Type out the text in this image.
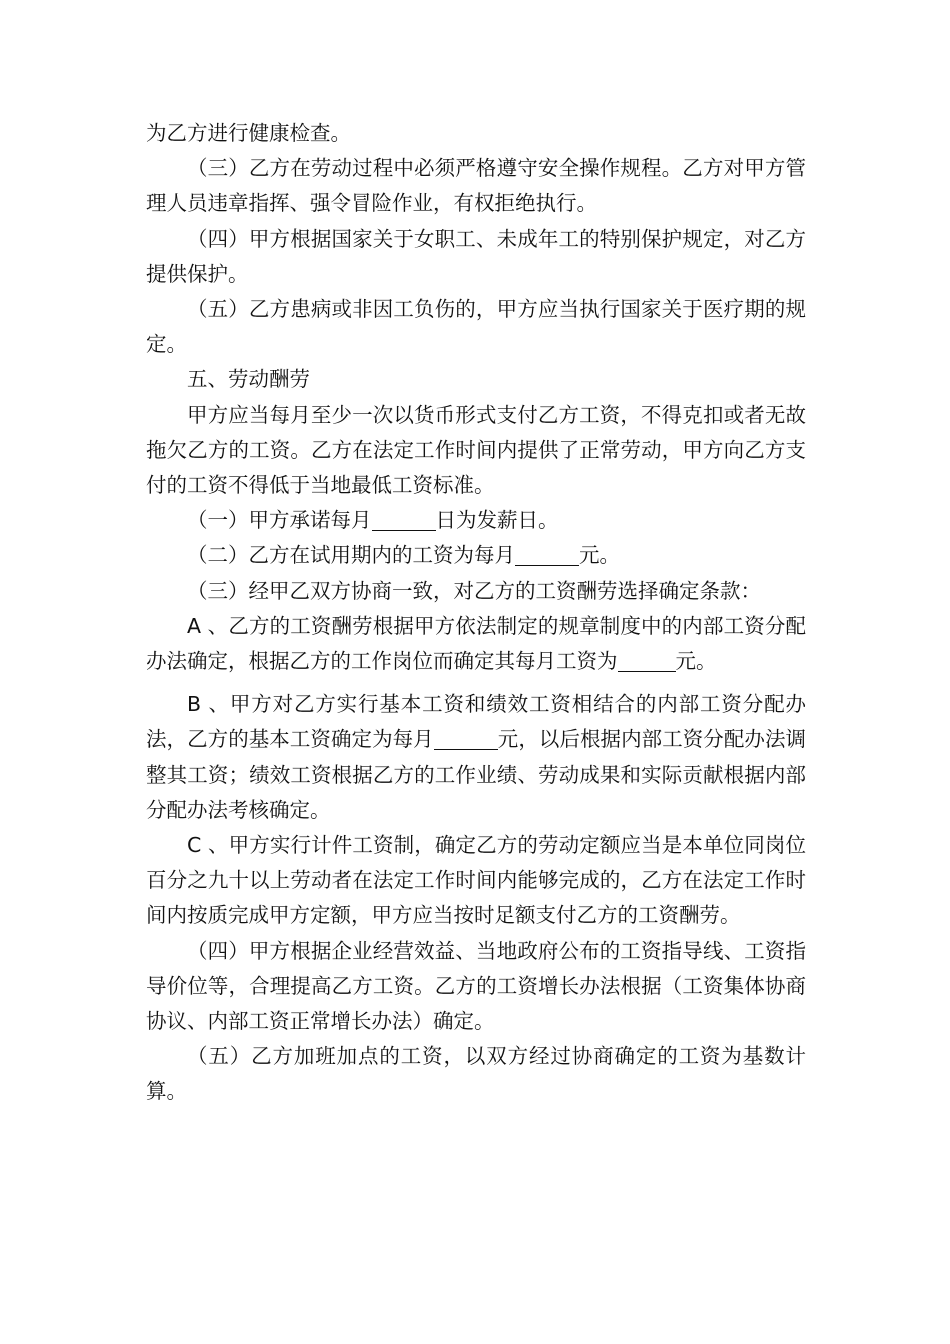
为乙方进行健康检查。

（三）乙方在劳动过程中必须严格遵守安全操作规程。乙方对甲方管理人员违章指挥、强令冒险作业，有权拒绝执行。

（四）甲方根据国家关于女职工、未成年工的特别保护规定，对乙方提供保护。

（五）乙方患病或非因工负伤的，甲方应当执行国家关于医疗期的规定。

五、劳动酬劳

甲方应当每月至少一次以货币形式支付乙方工资，不得克扣或者无故拖欠乙方的工资。乙方在法定工作时间内提供了正常劳动，甲方向乙方支付的工资不得低于当地最低工资标准。

（一）甲方承诺每月	日为发薪日。

（二）乙方在试用期内的工资为每月	元。

（三）经甲乙双方协商一致，对乙方的工资酬劳选择确定条款：

A 、乙方的工资酬劳根据甲方依法制定的规章制度中的内部工资分配办法确定，根据乙方的工作岗位而确定其每月工资为	元。

B 、甲方对乙方实行基本工资和绩效工资相结合的内部工资分配办法，乙方的基本工资确定为每月	元，以后根据内部工资分配办法调整其工资；绩效工资根据乙方的工作业绩、劳动成果和实际贡献根据内部分配办法考核确定。

C 、甲方实行计件工资制，确定乙方的劳动定额应当是本单位同岗位百分之九十以上劳动者在法定工作时间内能够完成的，乙方在法定工作时间内按质完成甲方定额，甲方应当按时足额支付乙方的工资酬劳。

（四）甲方根据企业经营效益、当地政府公布的工资指导线、工资指导价位等，合理提高乙方工资。乙方的工资增长办法根据（工资集体协商协议、内部工资正常增长办法）确定。

（五）乙方加班加点的工资，以双方经过协商确定的工资为基数计算。
